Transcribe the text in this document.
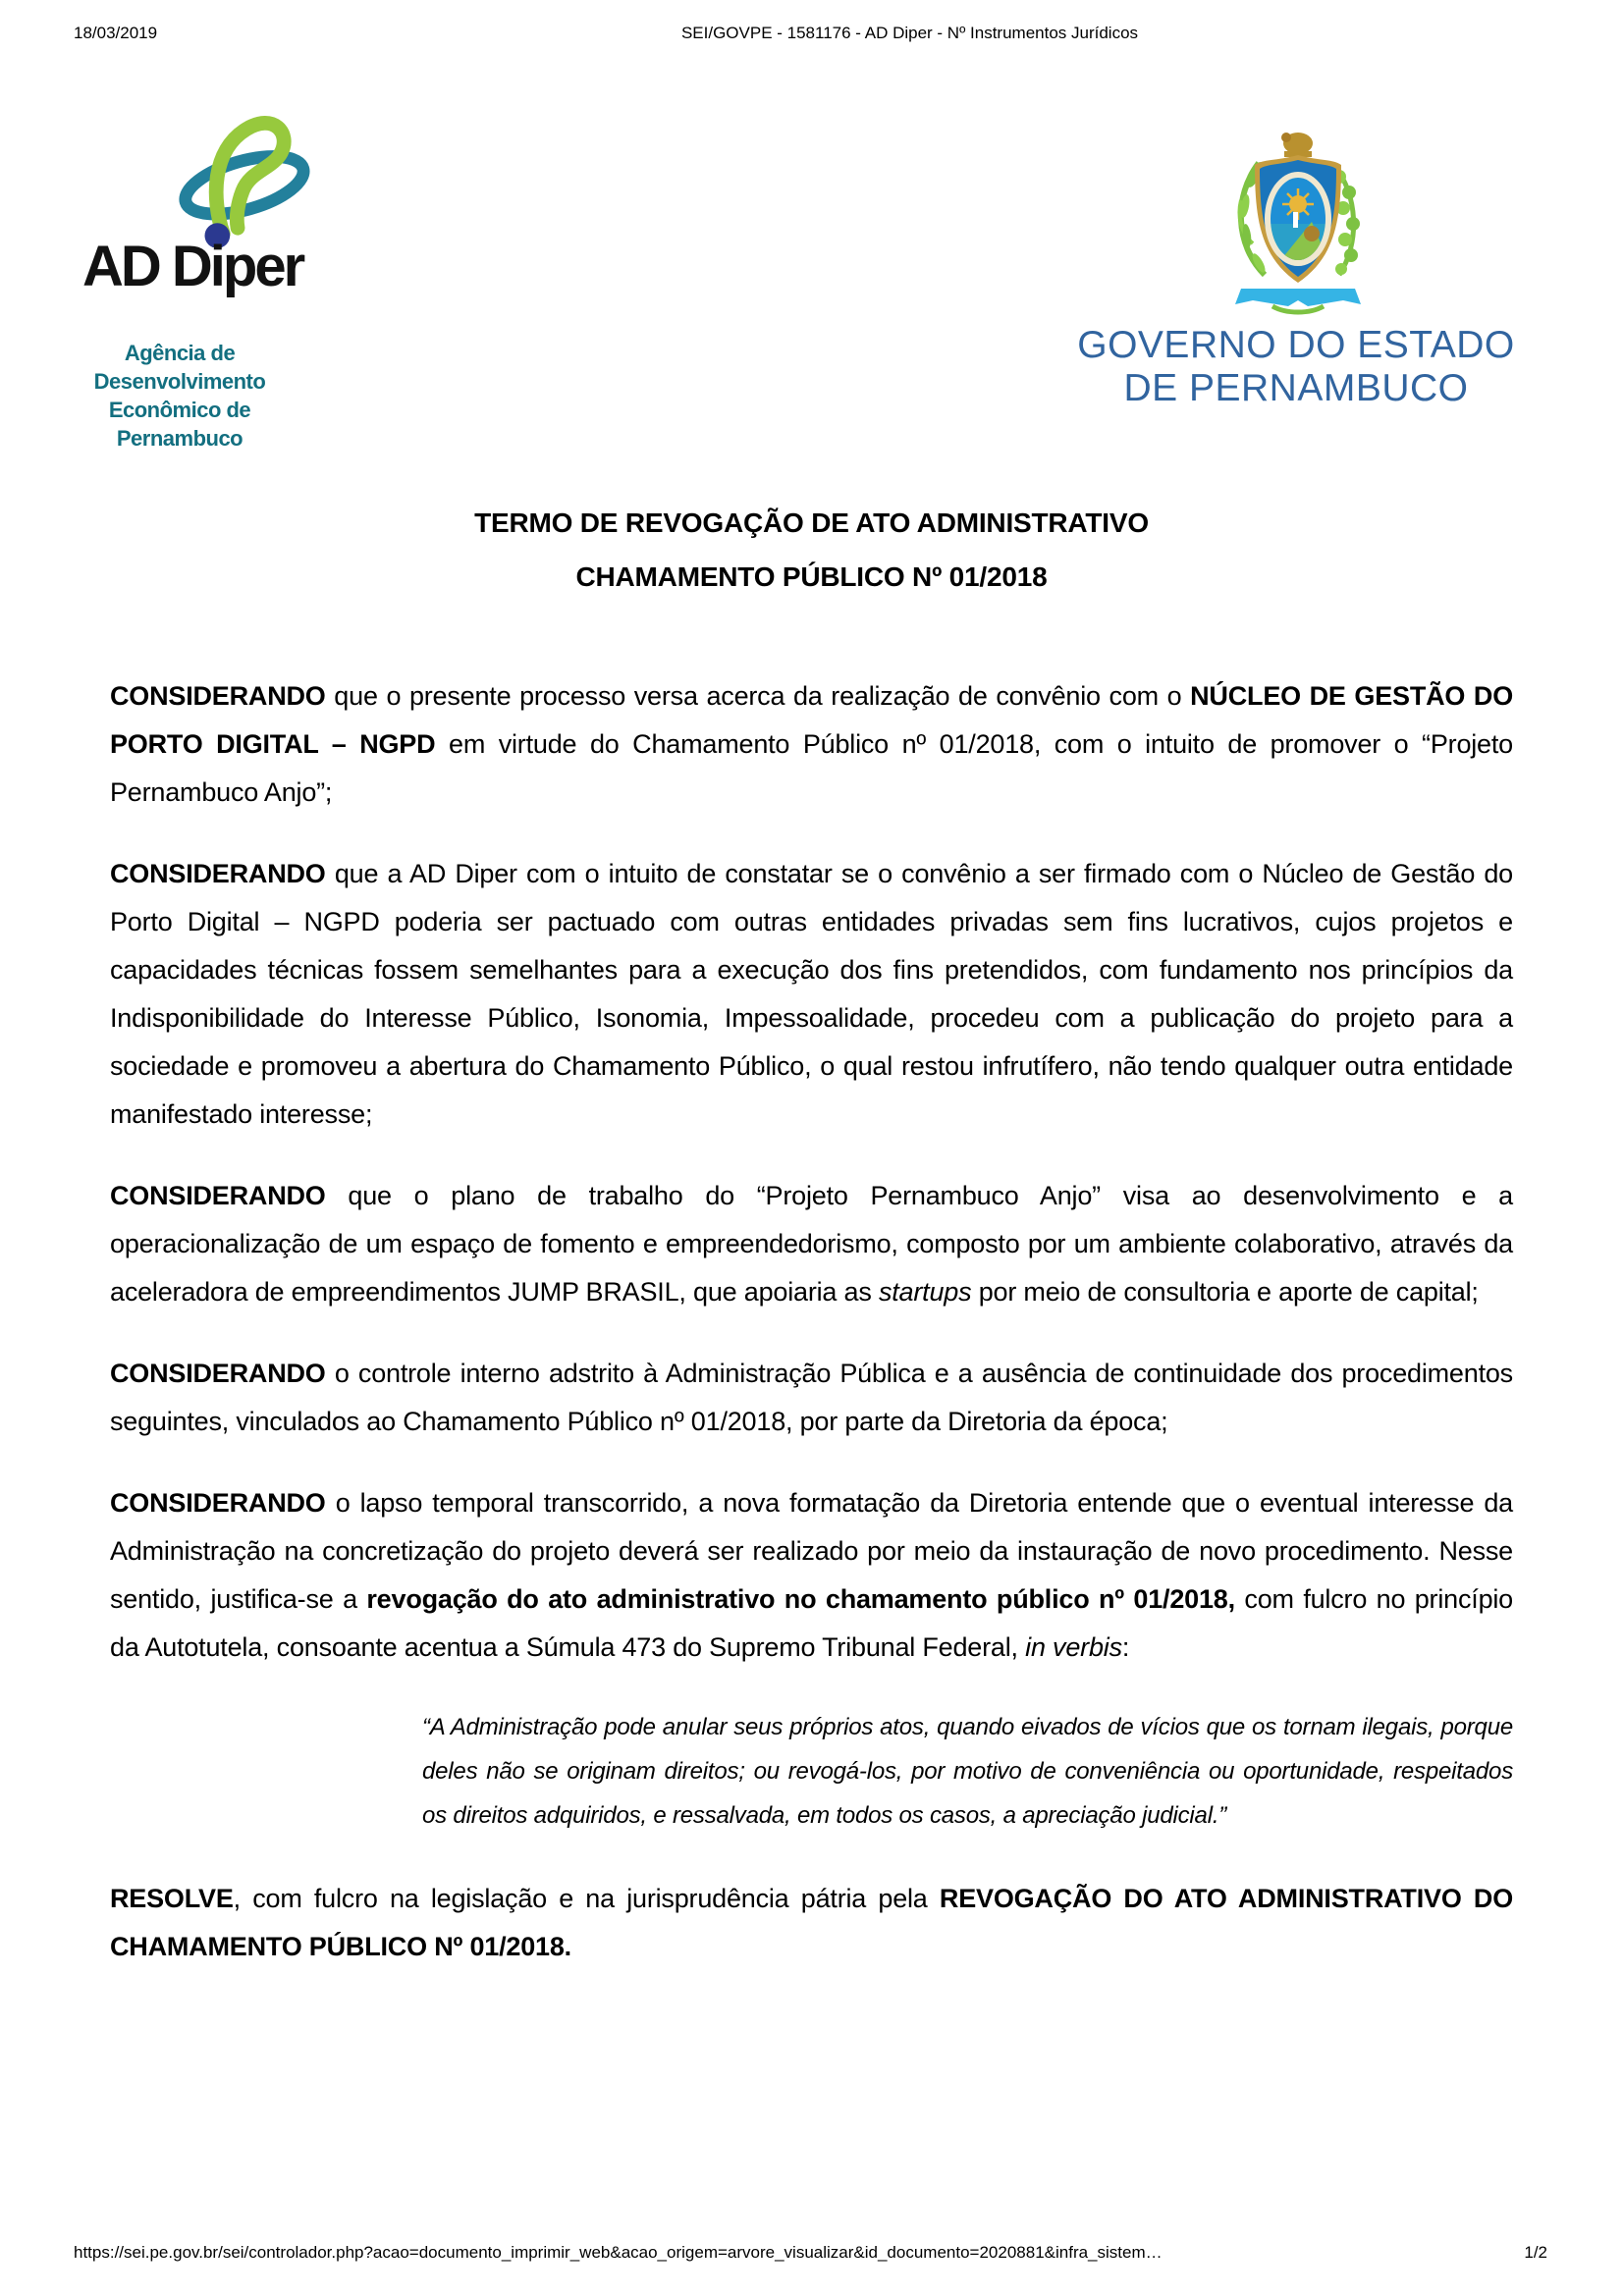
18/03/2019	SEI/GOVPE - 1581176 - AD Diper - Nº Instrumentos Jurídicos
AD Diper
Agência de Desenvolvimento
Econômico de Pernambuco
GOVERNO DO ESTADO
DE PERNAMBUCO
TERMO DE REVOGAÇÃO DE ATO ADMINISTRATIVO
CHAMAMENTO PÚBLICO Nº 01/2018

CONSIDERANDO que o presente processo versa acerca da realização de convênio com o NÚCLEO DE GESTÃO DO PORTO DIGITAL – NGPD em virtude do Chamamento Público nº 01/2018, com o intuito de promover o “Projeto Pernambuco Anjo”;

CONSIDERANDO que a AD Diper com o intuito de constatar se o convênio a ser firmado com o Núcleo de Gestão do Porto Digital – NGPD poderia ser pactuado com outras entidades privadas sem fins lucrativos, cujos projetos e capacidades técnicas fossem semelhantes para a execução dos fins pretendidos, com fundamento nos princípios da Indisponibilidade do Interesse Público, Isonomia, Impessoalidade, procedeu com a publicação do projeto para a sociedade e promoveu a abertura do Chamamento Público, o qual restou infrutífero, não tendo qualquer outra entidade manifestado interesse;

CONSIDERANDO que o plano de trabalho do “Projeto Pernambuco Anjo” visa ao desenvolvimento e a operacionalização de um espaço de fomento e empreendedorismo, composto por um ambiente colaborativo, através da aceleradora de empreendimentos JUMP BRASIL, que apoiaria as startups por meio de consultoria e aporte de capital;

CONSIDERANDO o controle interno adstrito à Administração Pública e a ausência de continuidade dos procedimentos seguintes, vinculados ao Chamamento Público nº 01/2018, por parte da Diretoria da época;

CONSIDERANDO o lapso temporal transcorrido, a nova formatação da Diretoria entende que o eventual interesse da Administração na concretização do projeto deverá ser realizado por meio da instauração de novo procedimento. Nesse sentido, justifica-se a revogação do ato administrativo no chamamento público nº 01/2018, com fulcro no princípio da Autotutela, consoante acentua a Súmula 473 do Supremo Tribunal Federal, in verbis:

“A Administração pode anular seus próprios atos, quando eivados de vícios que os tornam ilegais, porque deles não se originam direitos; ou revogá-los, por motivo de conveniência ou oportunidade, respeitados os direitos adquiridos, e ressalvada, em todos os casos, a apreciação judicial.”

RESOLVE, com fulcro na legislação e na jurisprudência pátria pela REVOGAÇÃO DO ATO ADMINISTRATIVO DO CHAMAMENTO PÚBLICO Nº 01/2018.

https://sei.pe.gov.br/sei/controlador.php?acao=documento_imprimir_web&acao_origem=arvore_visualizar&id_documento=2020881&infra_sistem…	1/2
